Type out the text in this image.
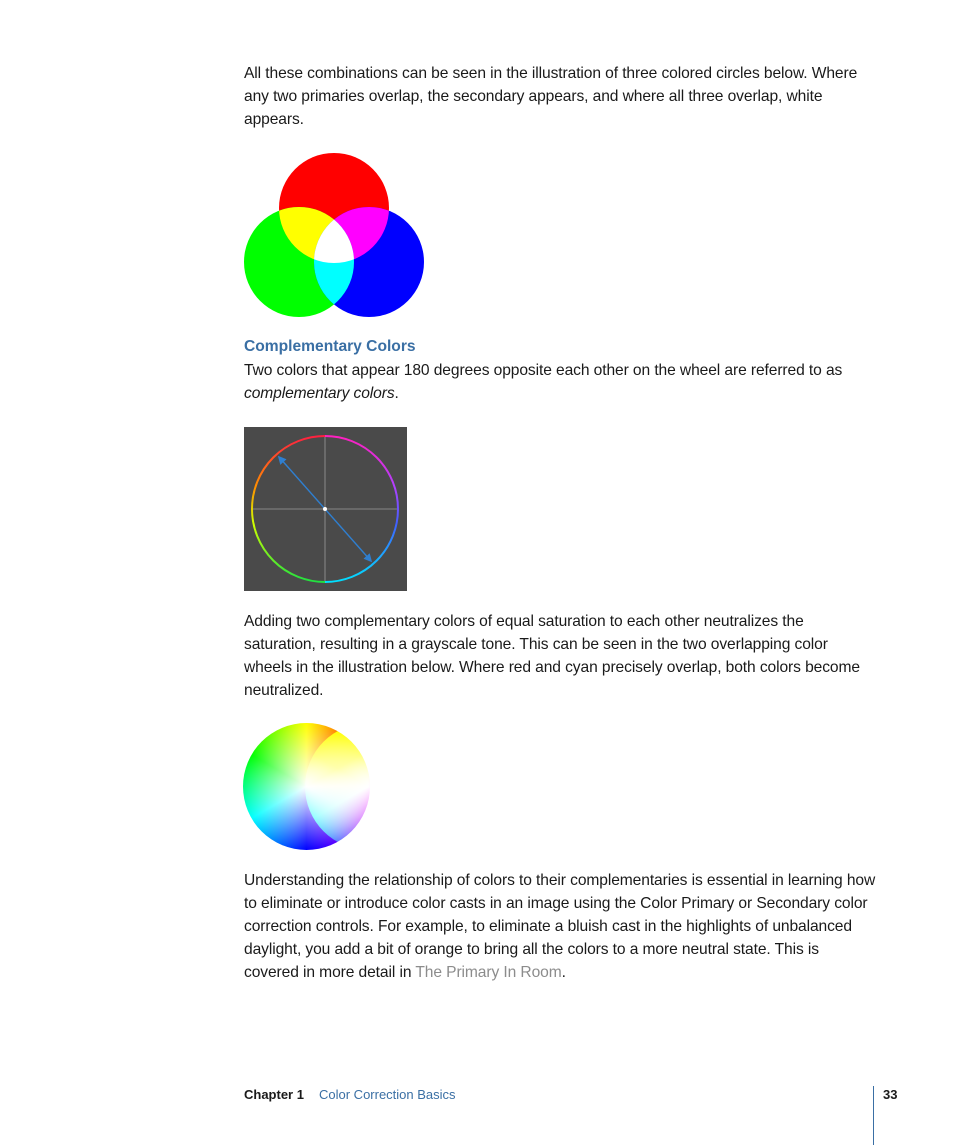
All these combinations can be seen in the illustration of three colored circles below. Where any two primaries overlap, the secondary appears, and where all three overlap, white appears.

Complementary Colors

Two colors that appear 180 degrees opposite each other on the wheel are referred to as complementary colors.

Adding two complementary colors of equal saturation to each other neutralizes the saturation, resulting in a grayscale tone. This can be seen in the two overlapping color wheels in the illustration below. Where red and cyan precisely overlap, both colors become neutralized.

Understanding the relationship of colors to their complementaries is essential in learning how to eliminate or introduce color casts in an image using the Color Primary or Secondary color correction controls. For example, to eliminate a bluish cast in the highlights of unbalanced daylight, you add a bit of orange to bring all the colors to a more neutral state. This is covered in more detail in The Primary In Room.

Chapter 1 Color Correction Basics	33
